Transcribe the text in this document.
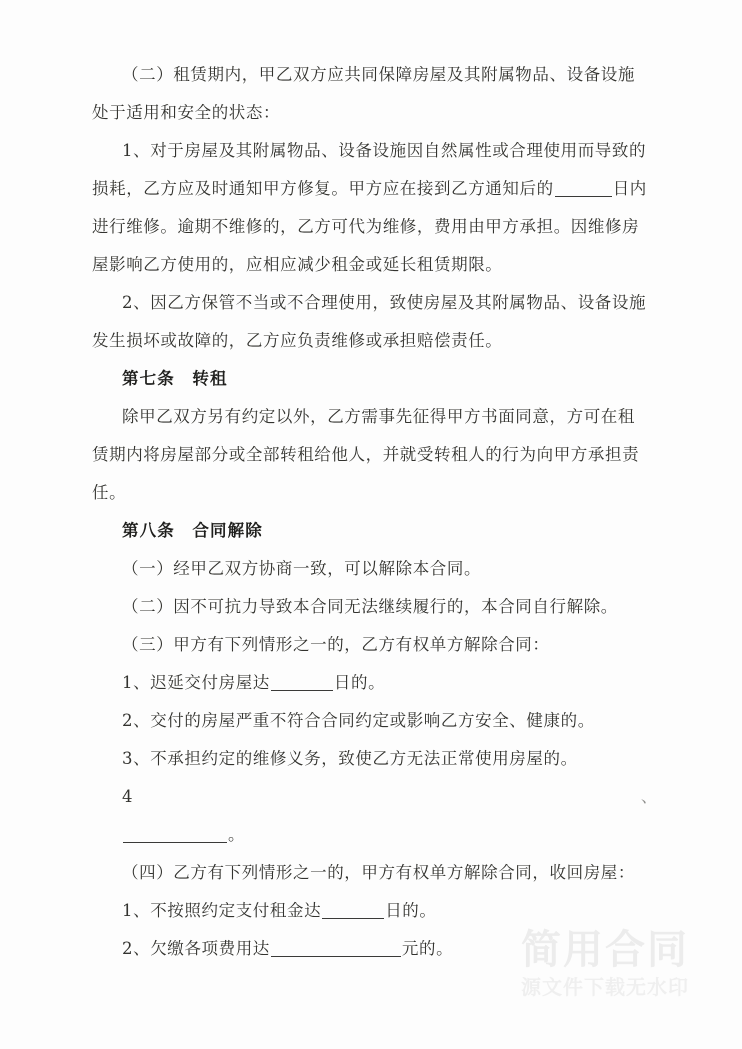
（二）租赁期内，甲乙双方应共同保障房屋及其附属物品、设备设施
处于适用和安全的状态：
1、对于房屋及其附属物品、设备设施因自然属性或合理使用而导致的
损耗，乙方应及时通知甲方修复。甲方应在接到乙方通知后的	日内
进行维修。逾期不维修的，乙方可代为维修，费用由甲方承担。因维修房
屋影响乙方使用的，应相应减少租金或延长租赁期限。
2、因乙方保管不当或不合理使用，致使房屋及其附属物品、设备设施
发生损坏或故障的，乙方应负责维修或承担赔偿责任。
第七条　转租
除甲乙双方另有约定以外，乙方需事先征得甲方书面同意，方可在租
赁期内将房屋部分或全部转租给他人，并就受转租人的行为向甲方承担责
任。
第八条　合同解除
（一）经甲乙双方协商一致，可以解除本合同。
（二）因不可抗力导致本合同无法继续履行的，本合同自行解除。
（三）甲方有下列情形之一的，乙方有权单方解除合同：
1、迟延交付房屋达	日的。
2、交付的房屋严重不符合合同约定或影响乙方安全、健康的。
3、不承担约定的维修义务，致使乙方无法正常使用房屋的。
4	、
。
（四）乙方有下列情形之一的，甲方有权单方解除合同，收回房屋：
1、不按照约定支付租金达	日的。
2、欠缴各项费用达	元的。	简用合同
源文件下载无水印
